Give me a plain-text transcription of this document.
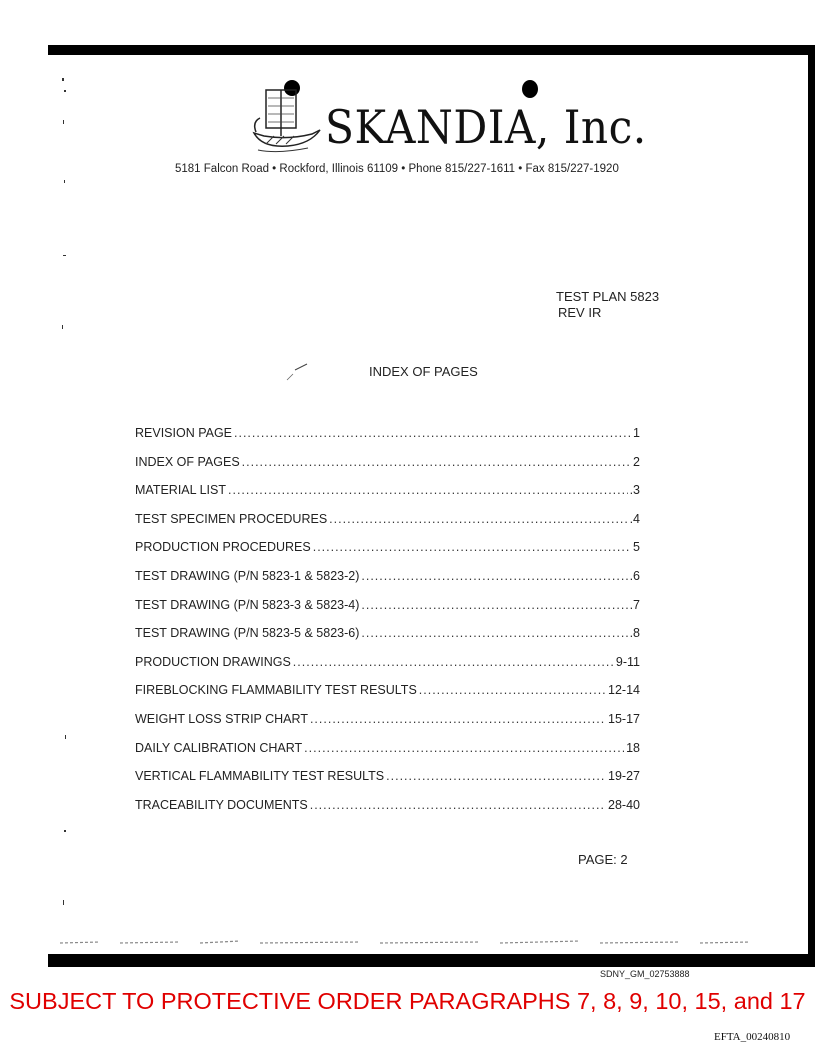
SKANDIA, Inc.
5181 Falcon Road • Rockford, Illinois 61109 • Phone 815/227-1611 • Fax 815/227-1920
TEST PLAN 5823
REV IR
INDEX OF PAGES
REVISION PAGE .....	1
INDEX OF PAGES .....	2
MATERIAL LIST .....	.3
TEST SPECIMEN PROCEDURES .....	.4
PRODUCTION PROCEDURES .....	5
TEST DRAWING (P/N 5823-1 & 5823-2) .....	.6
TEST DRAWING (P/N 5823-3 & 5823-4) .....	.7
TEST DRAWING (P/N 5823-5 & 5823-6) .....	.8
PRODUCTION DRAWINGS .....	9-11
FIREBLOCKING FLAMMABILITY TEST RESULTS .....	12-14
WEIGHT LOSS STRIP CHART .....	15-17
DAILY CALIBRATION CHART .....	18
VERTICAL FLAMMABILITY TEST RESULTS .....	19-27
TRACEABILITY DOCUMENTS .....	28-40
PAGE: 2
SDNY_GM_02753888
SUBJECT TO PROTECTIVE ORDER PARAGRAPHS 7, 8, 9, 10, 15, and 17
EFTA_00240810
